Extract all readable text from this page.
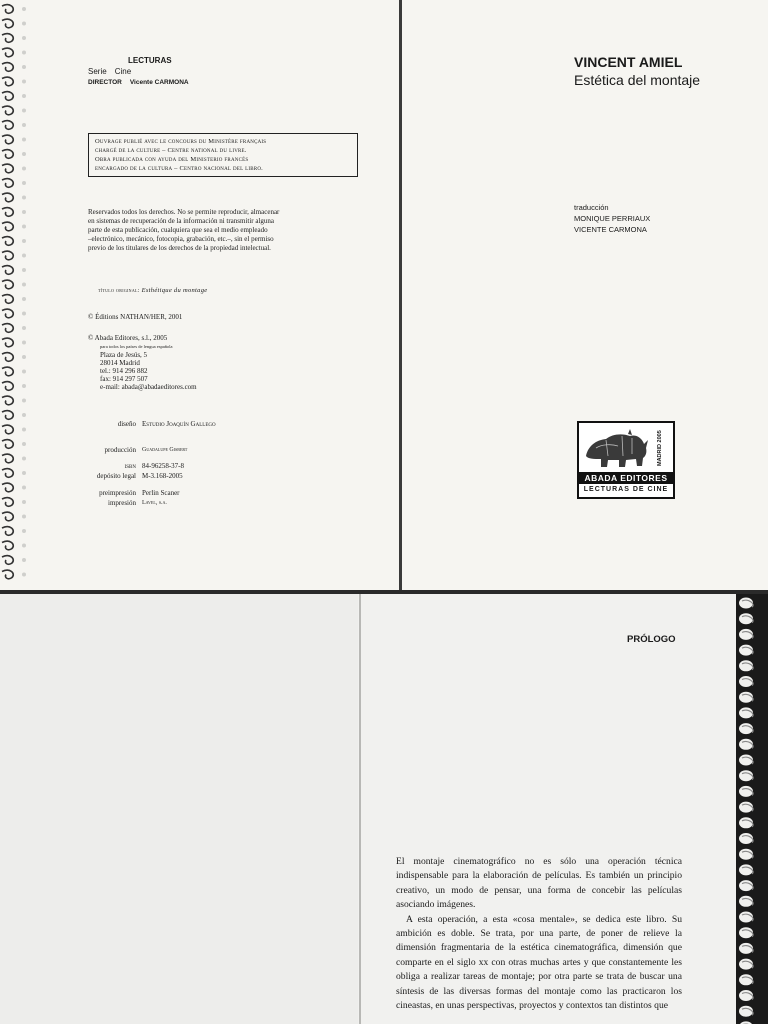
LECTURAS
Serie Cine
DIRECTOR Vicente CARMONA
Ouvrage publié avec le concours du Ministère français
chargé de la culture – Centre national du livre.
Obra publicada con ayuda del Ministerio francés
encargado de la cultura – Centro nacional del libro.
Reservados todos los derechos. No se permite reproducir, almacenar
en sistemas de recuperación de la información ni transmitir alguna
parte de esta publicación, cualquiera que sea el medio empleado
–electrónico, mecánico, fotocopia, grabación, etc.–, sin el permiso
previo de los titulares de los derechos de la propiedad intelectual.
título original: Esthétique du montage
© Éditions NATHAN/HER, 2001
© Abada Editores, s.l., 2005
para todos los países de lengua española
Plaza de Jesús, 5
28014 Madrid
tel.: 914 296 882
fax: 914 297 507
e-mail: abada@abadaeditores.com
diseño Estudio Joaquín Gallego
producción	Guadalupe Gisbert
isbn 84-96258-37-8
depósito legal M-3.168-2005
preimpresión Perlin Scaner
impresión	Lavel, s.a.
VINCENT AMIEL
Estética del montaje
traducción
MONIQUE PERRIAUX
VICENTE CARMONA
MADRID 2005
ABADA EDITORES
LECTURAS DE CINE
PRÓLOGO

El montaje cinematográfico no es sólo una operación técnica indispensable para la elaboración de películas. Es también un principio creativo, un modo de pensar, una forma de concebir las películas asociando imágenes.

A esta operación, a esta «cosa mentale», se dedica este libro. Su ambición es doble. Se trata, por una parte, de poner de relieve la dimensión fragmentaria de la estética cinematográfica, dimensión que comparte en el siglo xx con otras muchas artes y que constantemente les obliga a realizar tareas de montaje; por otra parte se trata de buscar una síntesis de las diversas formas del montaje como las practicaron los cineastas, en unas perspectivas, proyectos y contextos tan distintos que
